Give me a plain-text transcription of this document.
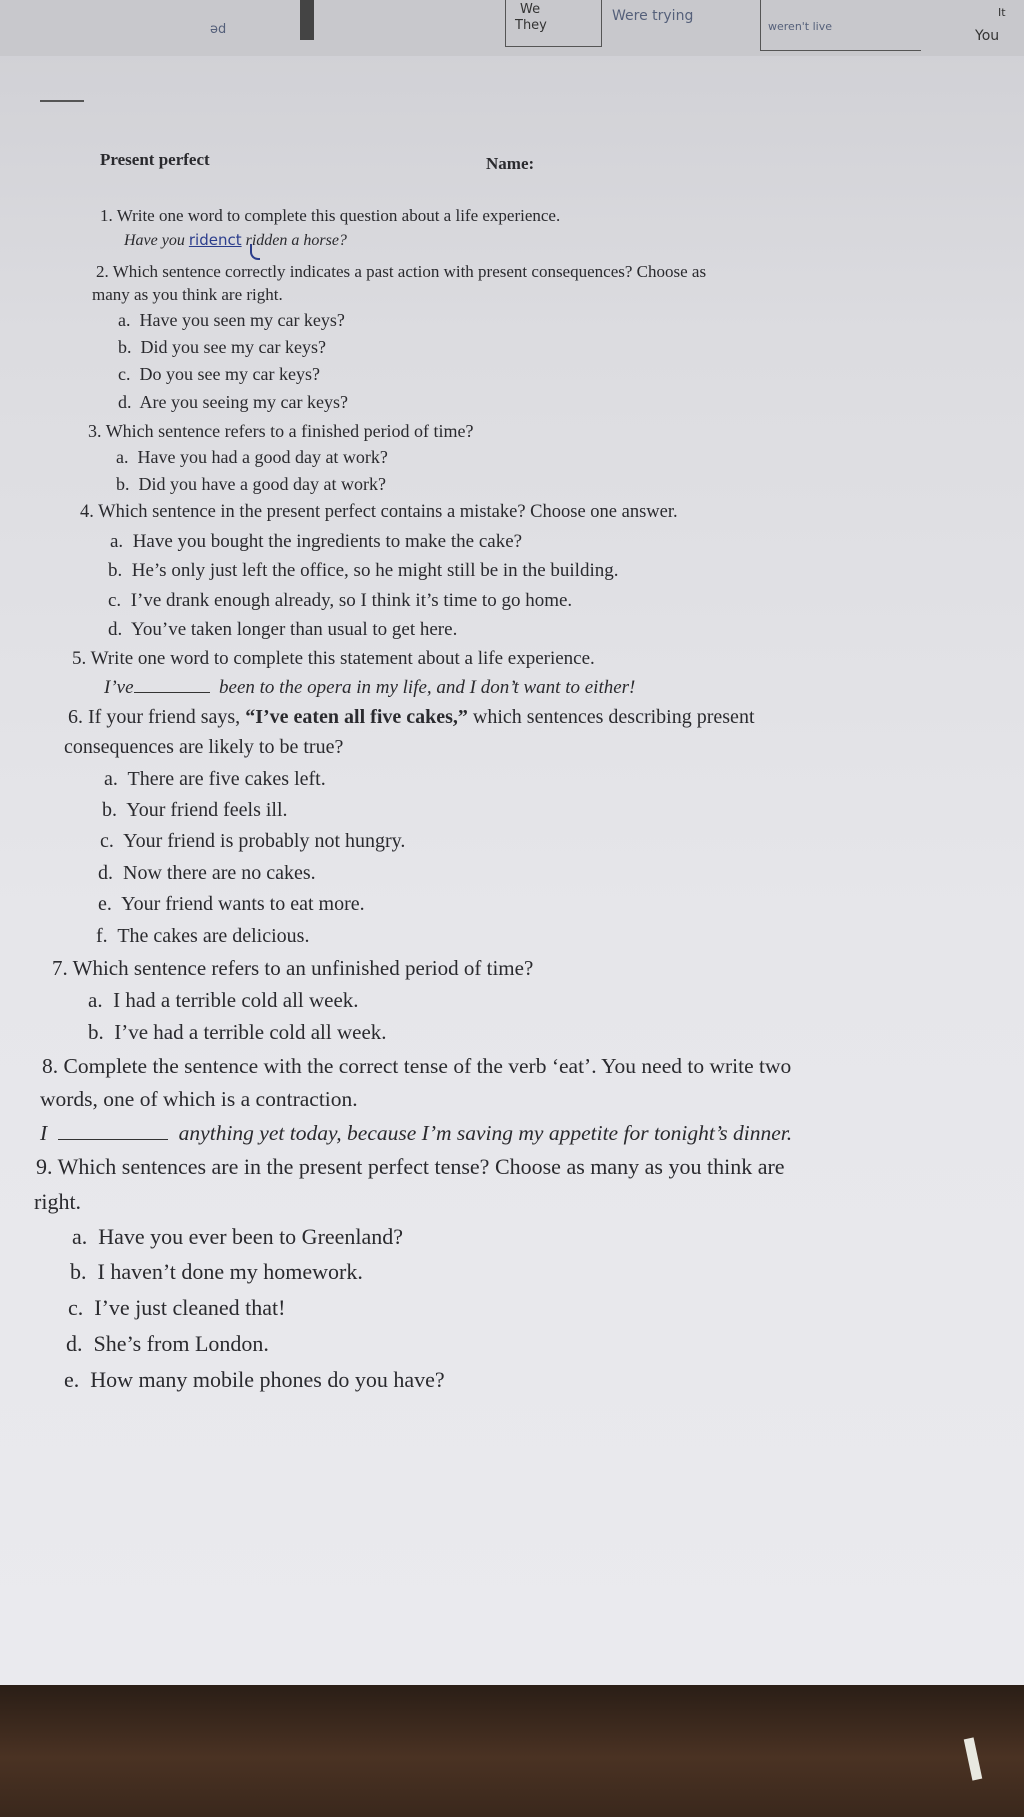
ǝd
We
They
Were trying
weren't live
It
You
Present perfect	Name:
1. Write one word to complete this question about a life experience.
Have you ridenct ridden a horse?
2. Which sentence correctly indicates a past action with present consequences? Choose as
many as you think are right.
a. Have you seen my car keys?
b. Did you see my car keys?
c. Do you see my car keys?
d. Are you seeing my car keys?
3. Which sentence refers to a finished period of time?
a. Have you had a good day at work?
b. Did you have a good day at work?
4. Which sentence in the present perfect contains a mistake? Choose one answer.
a. Have you bought the ingredients to make the cake?
b. He’s only just left the office, so he might still be in the building.
c. I’ve drank enough already, so I think it’s time to go home.
d. You’ve taken longer than usual to get here.
5. Write one word to complete this statement about a life experience.
I’ve	been to the opera in my life, and I don’t want to either!
6. If your friend says, “I’ve eaten all five cakes,” which sentences describing present
consequences are likely to be true?
a. There are five cakes left.
b. Your friend feels ill.
c. Your friend is probably not hungry.
d. Now there are no cakes.
e. Your friend wants to eat more.
f. The cakes are delicious.
7. Which sentence refers to an unfinished period of time?
a. I had a terrible cold all week.
b. I’ve had a terrible cold all week.
8. Complete the sentence with the correct tense of the verb ‘eat’. You need to write two
words, one of which is a contraction.
I	anything yet today, because I’m saving my appetite for tonight’s dinner.
9. Which sentences are in the present perfect tense? Choose as many as you think are
right.
a. Have you ever been to Greenland?
b. I haven’t done my homework.
c. I’ve just cleaned that!
d. She’s from London.
e. How many mobile phones do you have?
